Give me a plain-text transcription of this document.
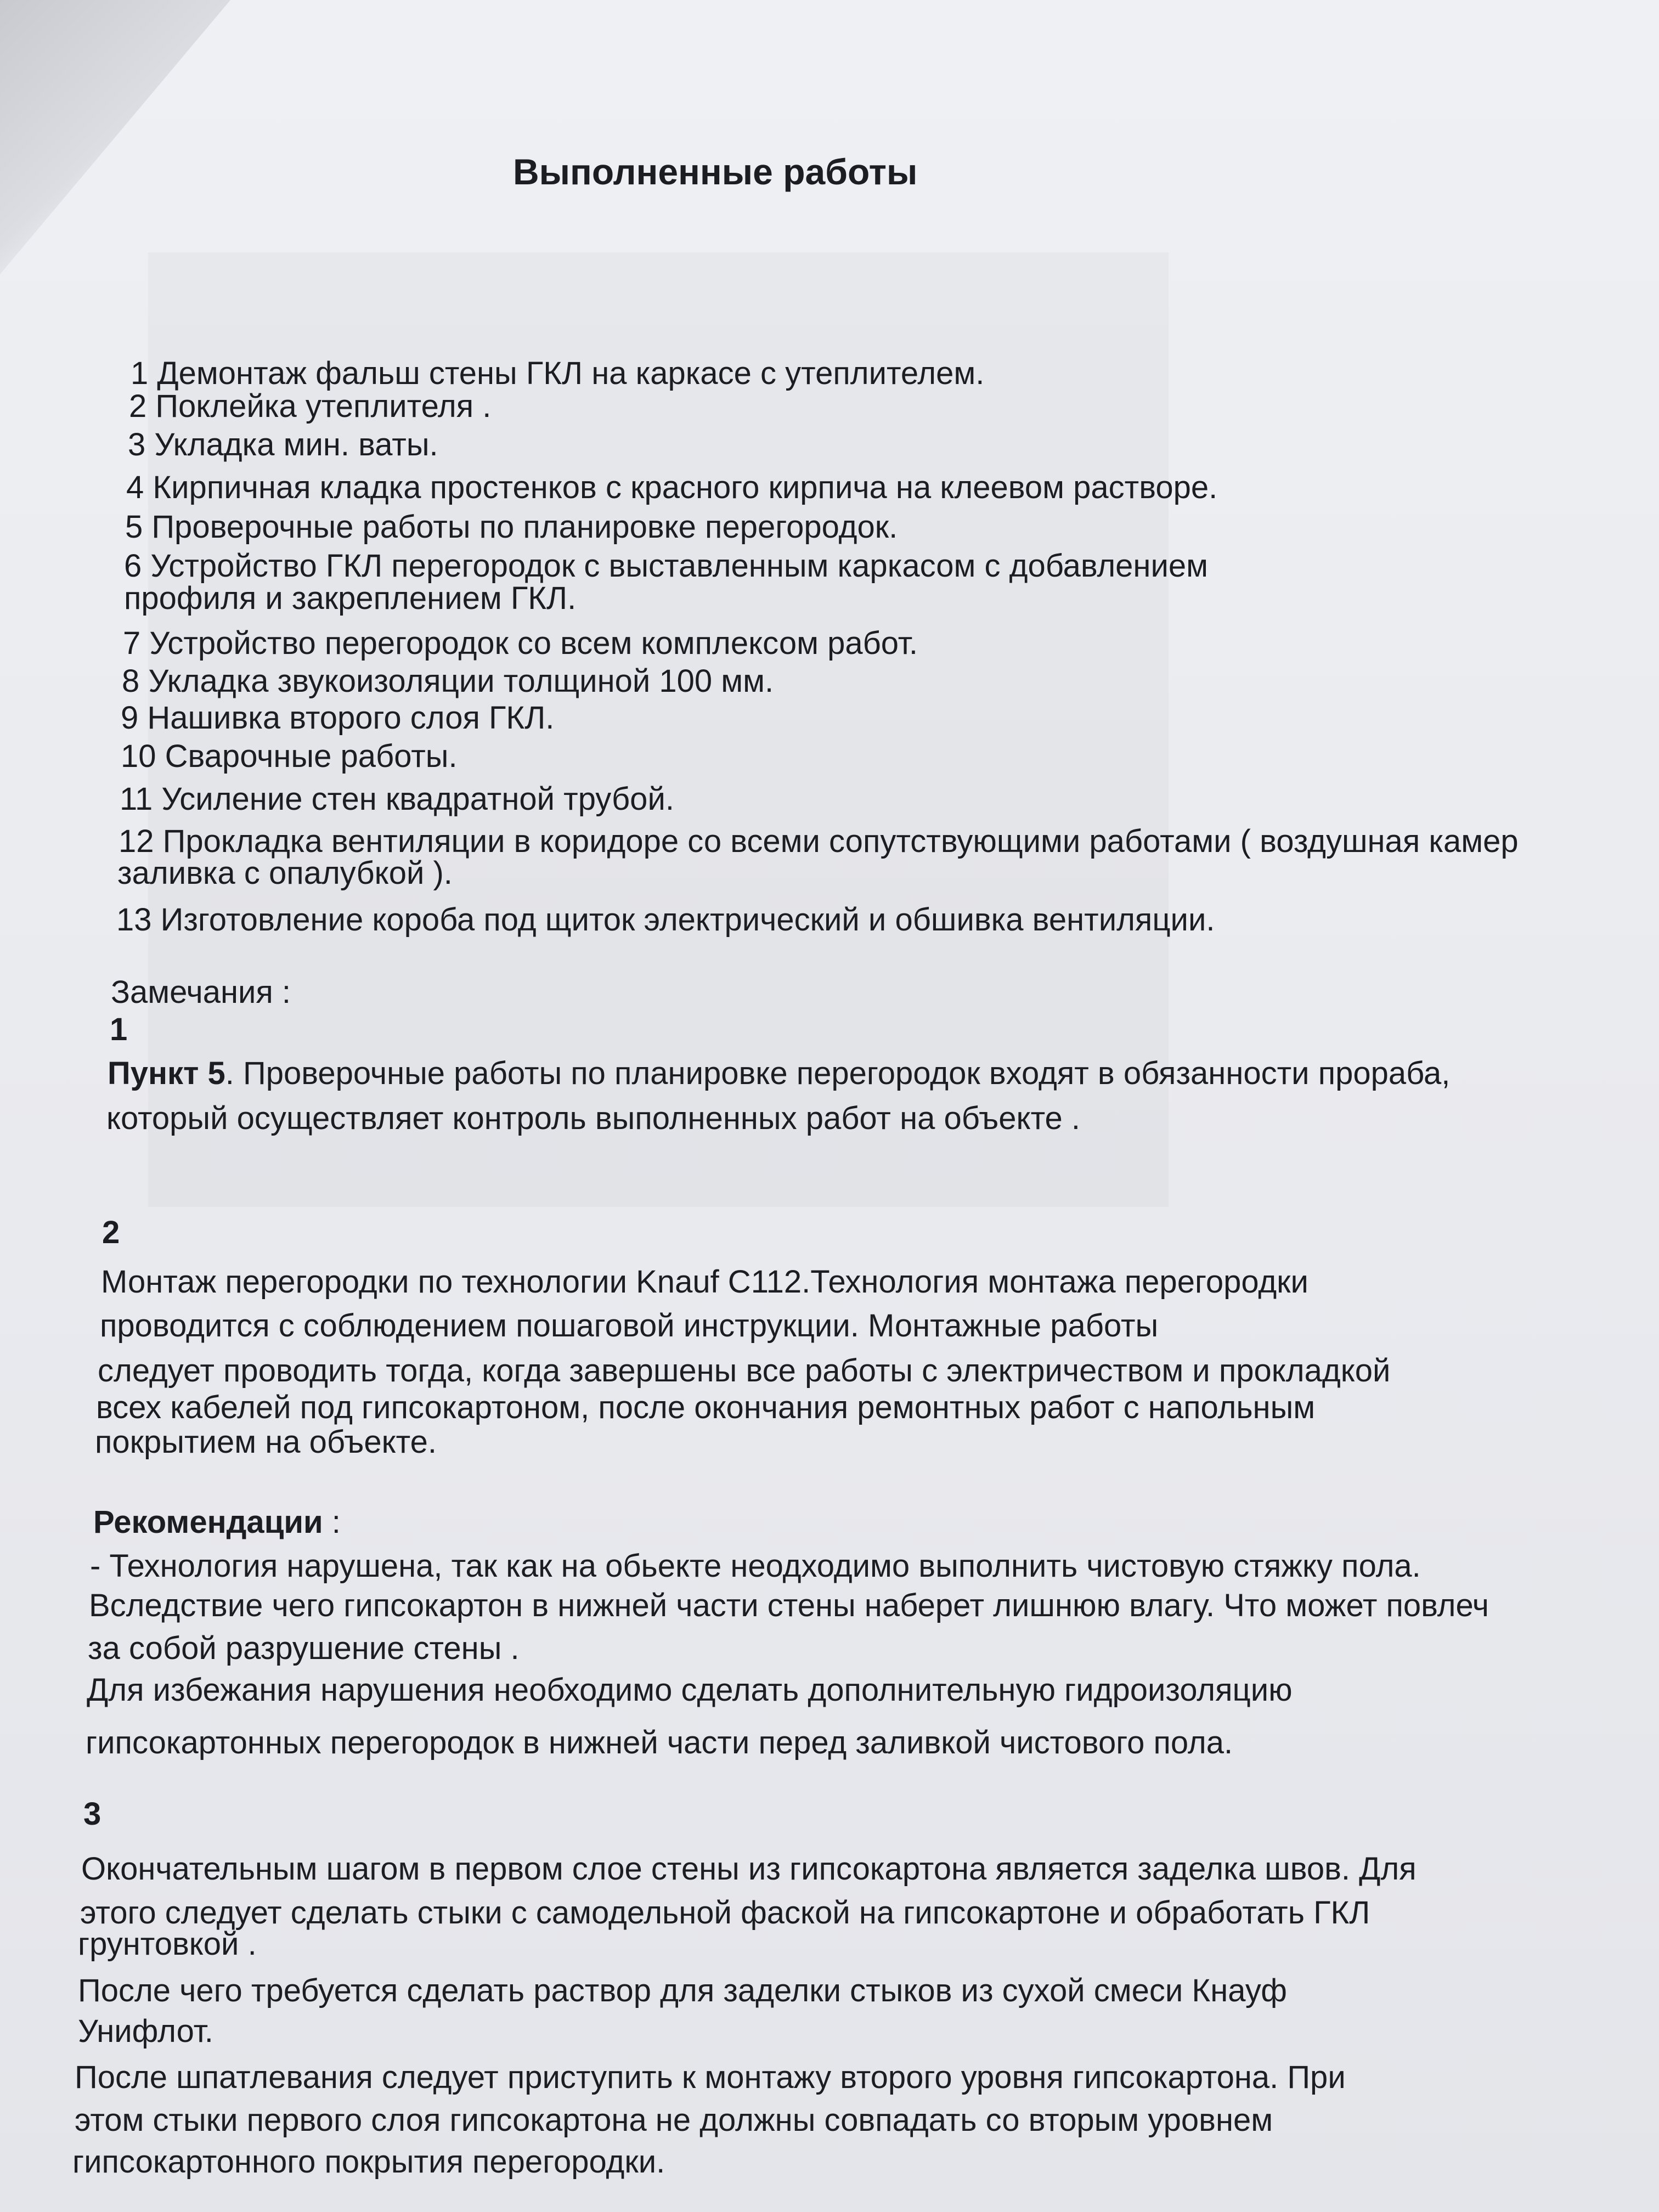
Выполненные работы
1 Демонтаж фальш стены ГКЛ на каркасе с утеплителем.
2 Поклейка утеплителя .
3 Укладка мин. ваты.
4 Кирпичная кладка простенков с красного кирпича на клеевом растворе.
5 Проверочные работы по планировке перегородок.
6 Устройство ГКЛ перегородок с выставленным каркасом с добавлением
профиля и закреплением ГКЛ.
7 Устройство перегородок со всем комплексом работ.
8 Укладка звукоизоляции толщиной 100 мм.
9 Нашивка второго слоя ГКЛ.
10 Сварочные работы.
11 Усиление стен квадратной трубой.
12 Прокладка вентиляции в коридоре со всеми сопутствующими работами ( воздушная камер
заливка с опалубкой ).
13 Изготовление короба под щиток электрический и обшивка вентиляции.
Замечания :
1
Пункт 5. Проверочные работы по планировке перегородок входят в обязанности прораба,
который осуществляет контроль выполненных работ на объекте .
2
Монтаж перегородки по технологии Knauf С112.Технология монтажа перегородки
проводится с соблюдением пошаговой инструкции. Монтажные работы
следует проводить тогда, когда завершены все работы с электричеством и прокладкой
всех кабелей под гипсокартоном, после окончания ремонтных работ с напольным
покрытием на объекте.
Рекомендации :
- Технология нарушена, так как на обьекте неодходимо выполнить чистовую стяжку пола.
Вследствие чего гипсокартон в нижней части стены наберет лишнюю влагу. Что может повлеч
за собой разрушение стены .
Для избежания нарушения необходимо сделать дополнительную гидроизоляцию
гипсокартонных перегородок в нижней части перед заливкой чистового пола.
3
Окончательным шагом в первом слое стены из гипсокартона является заделка швов. Для
этого следует сделать стыки с самодельной фаской на гипсокартоне и обработать ГКЛ
грунтовкой .
После чего требуется сделать раствор для заделки стыков из сухой смеси Кнауф
Унифлот.
После шпатлевания следует приступить к монтажу второго уровня гипсокартона. При
этом стыки первого слоя гипсокартона не должны совпадать со вторым уровнем
гипсокартонного покрытия перегородки.
